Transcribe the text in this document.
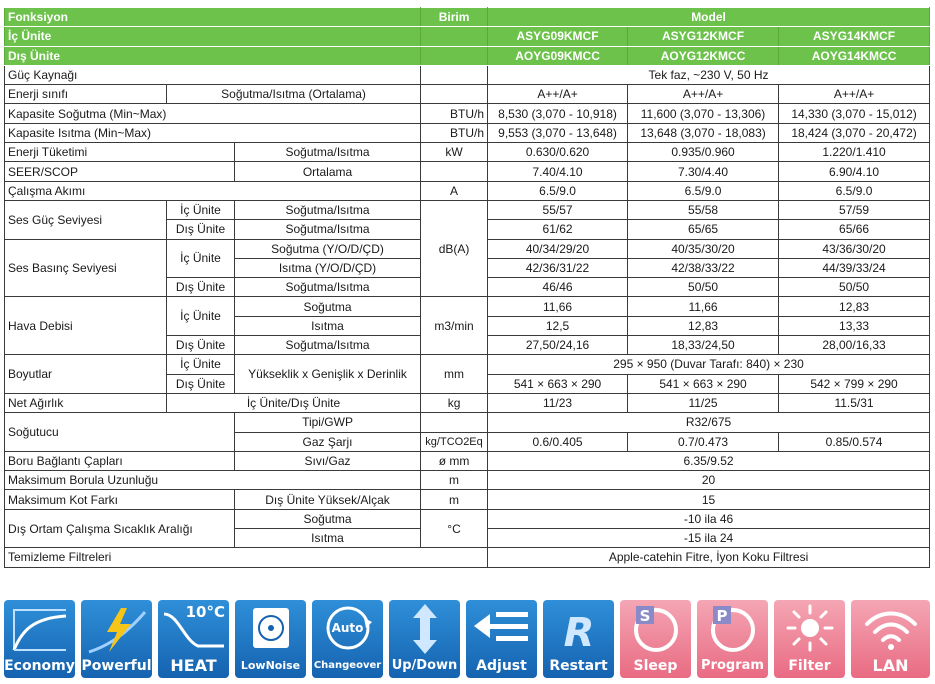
Fonksiyon			Birim	Model		
İç Ünite				ASYG09KMCF	ASYG12KMCF	ASYG14KMCF
Dış Ünite				AOYG09KMCC	AOYG12KMCC	AOYG14KMCC
Güç Kaynağı				Tek faz, ~230 V, 50 Hz		
Enerji sınıfı	Soğutma/Isıtma (Ortalama)			A++/A+	A++/A+	A++/A+
Kapasite Soğutma (Min~Max)			BTU/h	8,530 (3,070 - 10,918)	11,600 (3,070 - 13,306)	14,330 (3,070 - 15,012)
Kapasite Isıtma (Min~Max)			BTU/h	9,553 (3,070 - 13,648)	13,648 (3,070 - 18,083)	18,424 (3,070 - 20,472)
Enerji Tüketimi		Soğutma/Isıtma	kW	0.630/0.620	0.935/0.960	1.220/1.410
SEER/SCOP		Ortalama		7.40/4.10	7.30/4.40	6.90/4.10
Çalışma Akımı			A	6.5/9.0	6.5/9.0	6.5/9.0
Ses Güç Seviyesi	İç Ünite	Soğutma/Isıtma	dB(A)	55/57	55/58	57/59
	Dış Ünite	Soğutma/Isıtma		61/62	65/65	65/66
Ses Basınç Seviyesi	İç Ünite	Soğutma (Y/O/D/ÇD)		40/34/29/20	40/35/30/20	43/36/30/20
		Isıtma (Y/O/D/ÇD)		42/36/31/22	42/38/33/22	44/39/33/24
	Dış Ünite	Soğutma/Isıtma		46/46	50/50	50/50
Hava Debisi	İç Ünite	Soğutma	m3/min	11,66	11,66	12,83
		Isıtma		12,5	12,83	13,33
	Dış Ünite	Soğutma/Isıtma		27,50/24,16	18,33/24,50	28,00/16,33
Boyutlar	İç Ünite	Yükseklik x Genişlik x Derinlik	mm	295 × 950 (Duvar Tarafı: 840) × 230		
	Dış Ünite			541 × 663 × 290	541 × 663 × 290	542 × 799 × 290
Net Ağırlık	İç Ünite/Dış Ünite		kg	11/23	11/25	11.5/31
Soğutucu		Tipi/GWP		R32/675		
		Gaz Şarjı	kg/TCO2Eq	0.6/0.405	0.7/0.473	0.85/0.574
Boru Bağlantı Çapları		Sıvı/Gaz	ø mm	6.35/9.52		
Maksimum Borula Uzunluğu			m	20		
Maksimum Kot Farkı		Dış Ünite Yüksek/Alçak	m	15		
Dış Ortam Çalışma Sıcaklık Aralığı		Soğutma	°C	-10 ila 46		
		Isıtma		-15 ila 24		
Temizleme Filtreleri				Apple-catehin Fitre, İyon Koku Filtresi		
Economy Powerful
10°C
HEAT	LowNoise
Auto
Changeover Up/Down	Adjust
R
Restart
S
Sleep
P
Program	Filter	LAN
